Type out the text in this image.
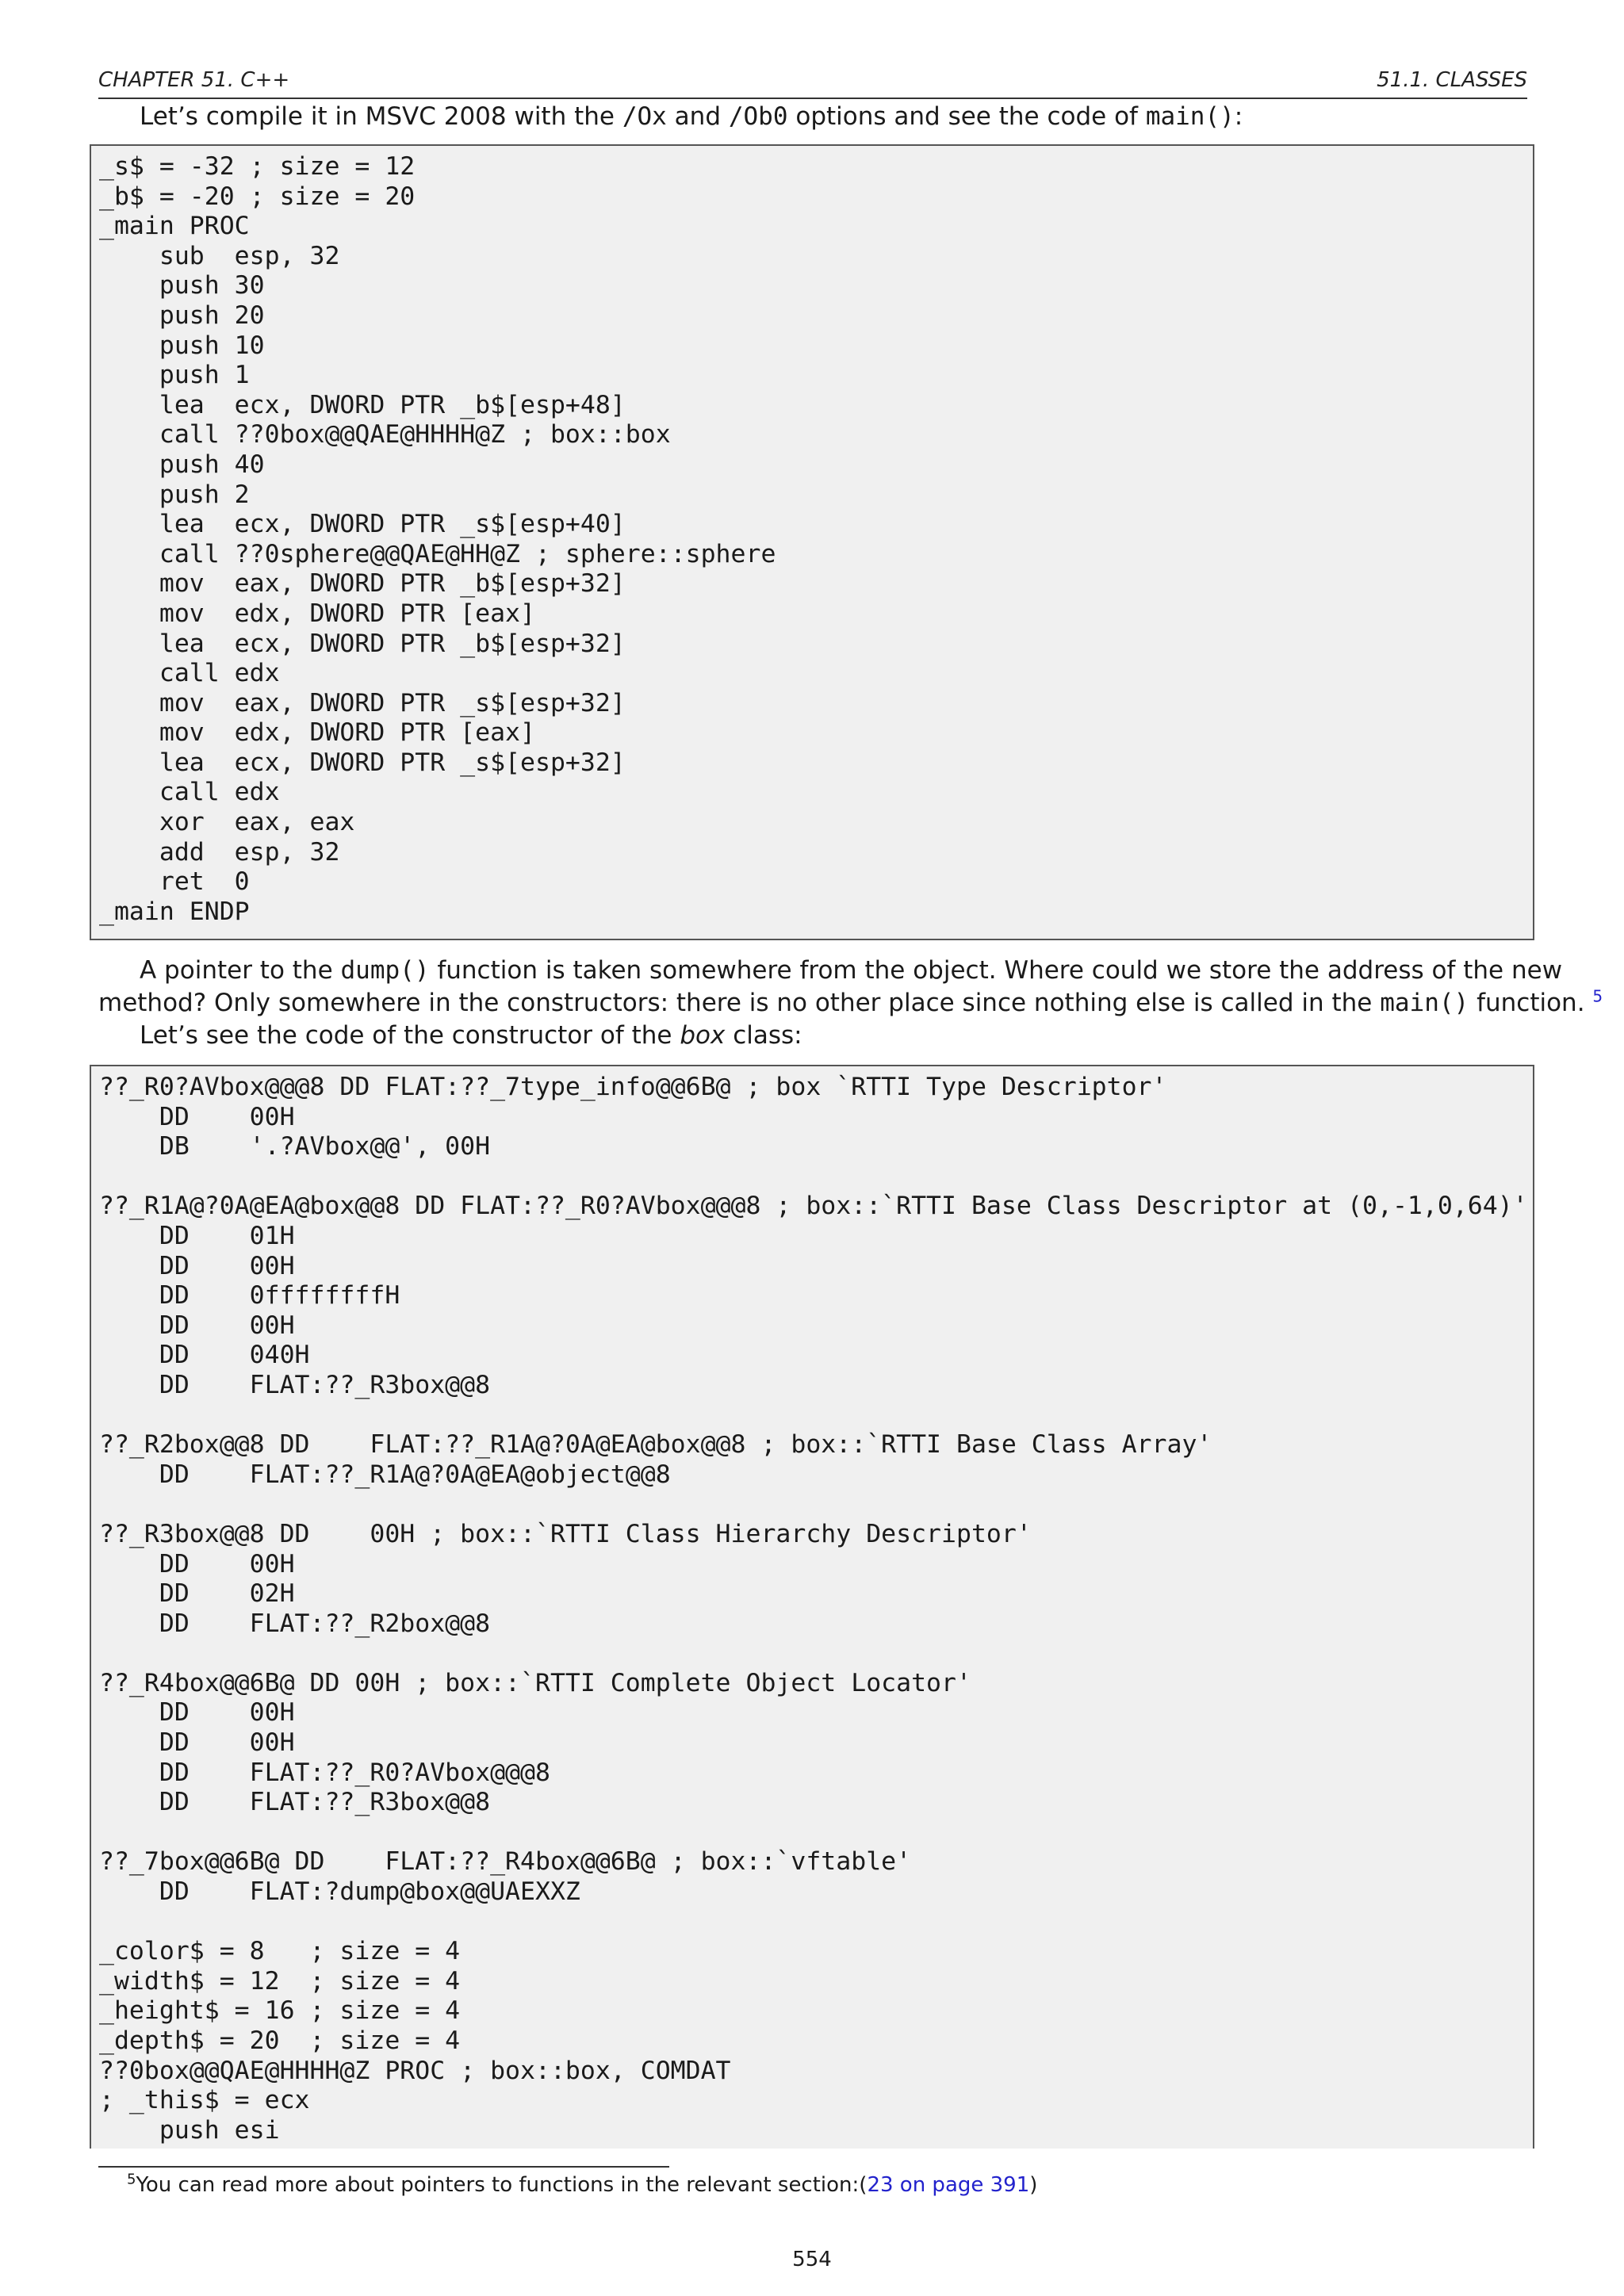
CHAPTER 51. C++	51.1. CLASSES

Let’s compile it in MSVC 2008 with the /Ox and /Ob0 options and see the code of main():

_s$ = -32 ; size = 12
_b$ = -20 ; size = 20
_main PROC
sub  esp, 32
push 30
push 20
push 10
push 1
lea  ecx, DWORD PTR _b$[esp+48]
call ??0box@@QAE@HHHH@Z ; box::box
push 40
push 2
lea  ecx, DWORD PTR _s$[esp+40]
call ??0sphere@@QAE@HH@Z ; sphere::sphere
mov  eax, DWORD PTR _b$[esp+32]
mov  edx, DWORD PTR [eax]
lea  ecx, DWORD PTR _b$[esp+32]
call edx
mov  eax, DWORD PTR _s$[esp+32]
mov  edx, DWORD PTR [eax]
lea  ecx, DWORD PTR _s$[esp+32]
call edx
xor  eax, eax
add  esp, 32
ret  0
_main ENDP

A pointer to the dump() function is taken somewhere from the object. Where could we store the address of the new
method? Only somewhere in the constructors: there is no other place since nothing else is called in the main() function. $^5$
Let’s see the code of the constructor of the box class:

??_R0?AVbox@@@8 DD FLAT:??_7type_info@@6B@ ; box `RTTI Type Descriptor'
DD    00H
DB    '.?AVbox@@', 00H

??_R1A@?0A@EA@box@@8 DD FLAT:??_R0?AVbox@@@8 ; box::`RTTI Base Class Descriptor at (0,-1,0,64)'
DD    01H
DD    00H
DD    0ffffffffH
DD    00H
DD    040H
DD    FLAT:??_R3box@@8

??_R2box@@8 DD    FLAT:??_R1A@?0A@EA@box@@8 ; box::`RTTI Base Class Array'
DD    FLAT:??_R1A@?0A@EA@object@@8

??_R3box@@8 DD    00H ; box::`RTTI Class Hierarchy Descriptor'
DD    00H
DD    02H
DD    FLAT:??_R2box@@8

??_R4box@@6B@ DD 00H ; box::`RTTI Complete Object Locator'
DD    00H
DD    00H
DD    FLAT:??_R0?AVbox@@@8
DD    FLAT:??_R3box@@8

??_7box@@6B@ DD    FLAT:??_R4box@@6B@ ; box::`vftable'
DD    FLAT:?dump@box@@UAEXXZ

_color$ = 8   ; size = 4
_width$ = 12  ; size = 4
_height$ = 16 ; size = 4
_depth$ = 20  ; size = 4
??0box@@QAE@HHHH@Z PROC ; box::box, COMDAT
; _this$ = ecx
push esi
$^5$You can read more about pointers to functions in the relevant section:(23 on page 391)
554
